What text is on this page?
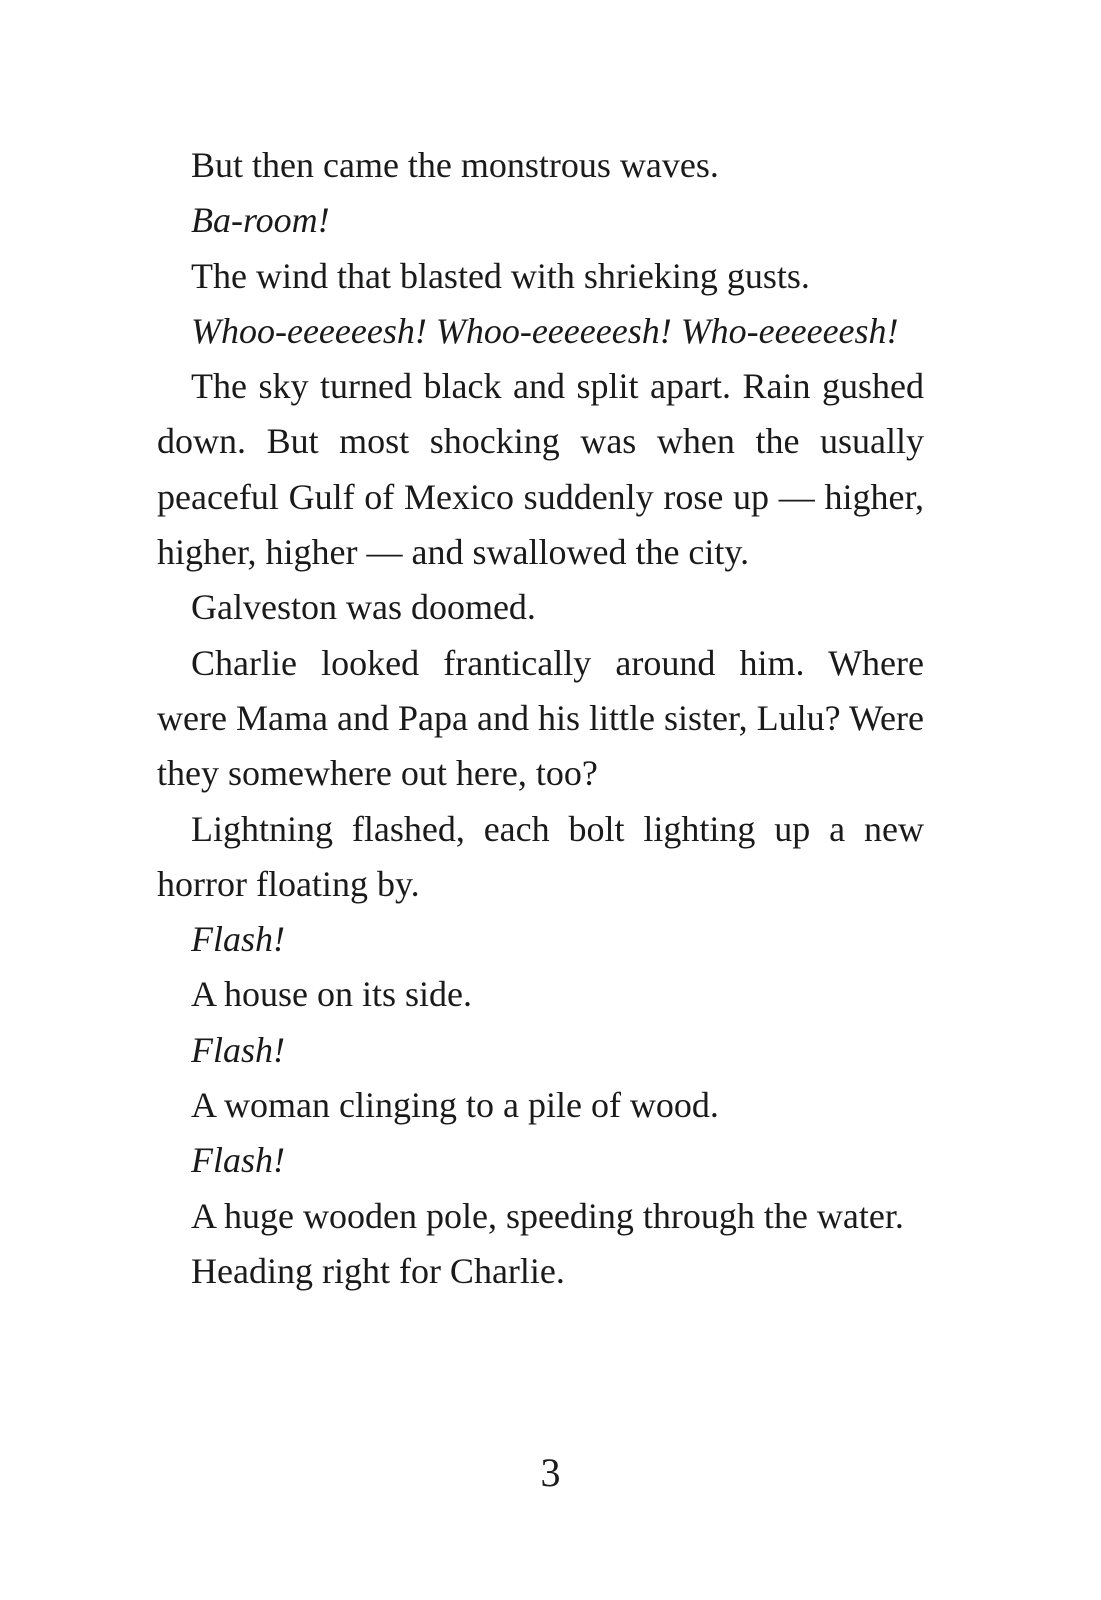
But then came the monstrous waves.

Ba-room!

The wind that blasted with shrieking gusts.

Whoo-eeeeeesh! Whoo-eeeeeesh! Who-eeeeeesh!

The sky turned black and split apart. Rain gushed down. But most shocking was when the usually peaceful Gulf of Mexico suddenly rose up — higher, higher, higher — and swallowed the city.

Galveston was doomed.

Charlie looked frantically around him. Where were Mama and Papa and his little sister, Lulu? Were they somewhere out here, too?

Lightning flashed, each bolt lighting up a new horror floating by.

Flash!

A house on its side.

Flash!

A woman clinging to a pile of wood.

Flash!

A huge wooden pole, speeding through the water.

Heading right for Charlie.

3
